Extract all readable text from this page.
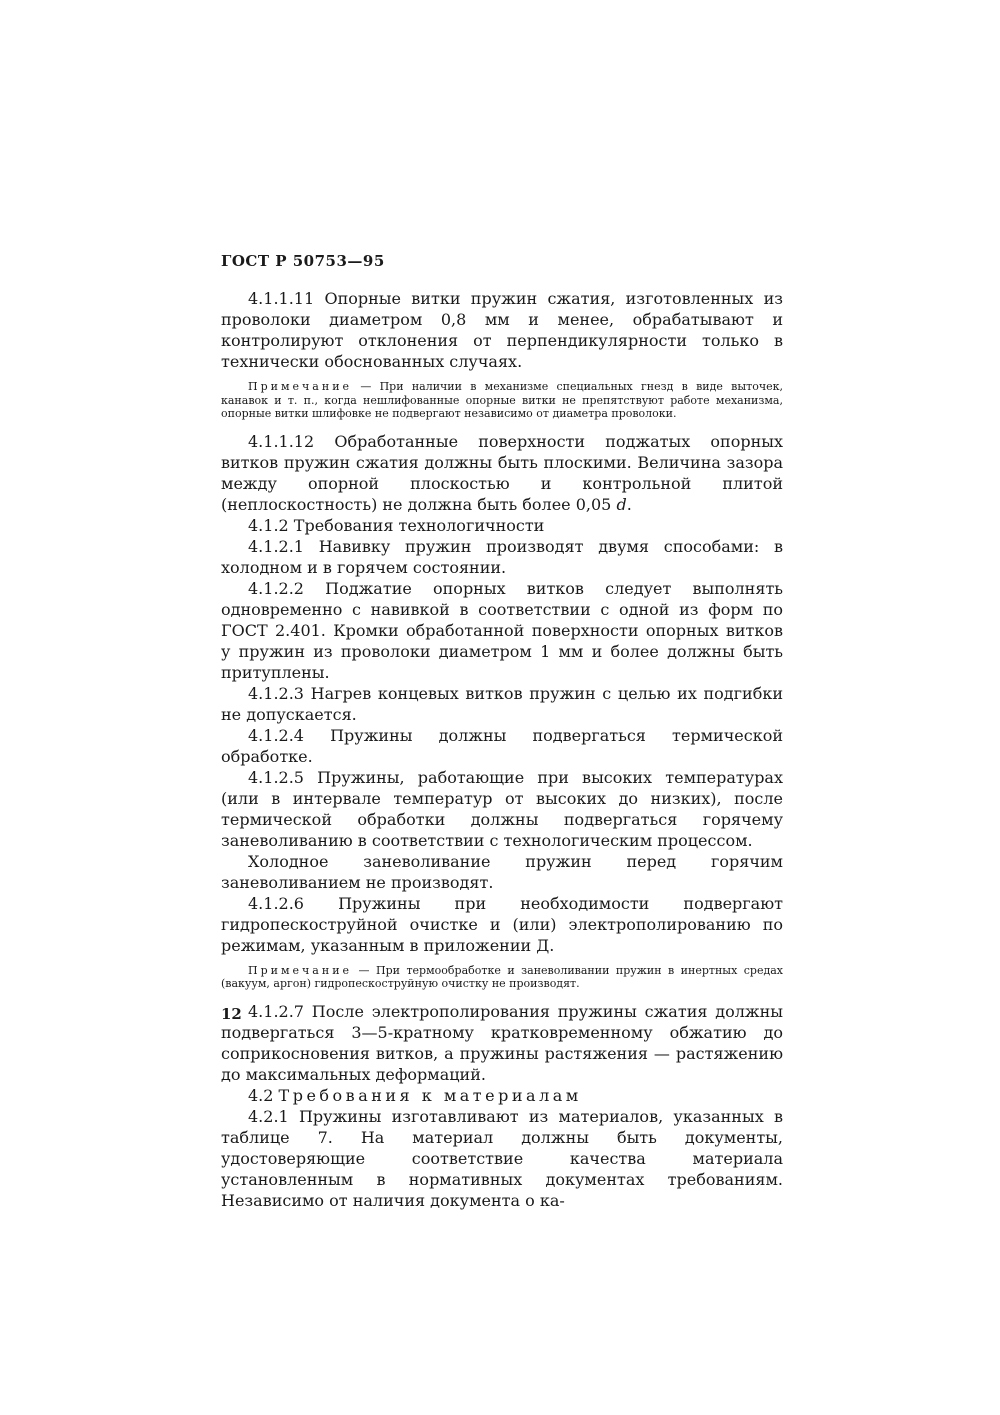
ГОСТ Р 50753—95

4.1.1.11 Опорные витки пружин сжатия, изготовленных из проволоки диаметром 0,8 мм и менее, обрабатывают и контролируют отклонения от перпендикулярности только в технически обоснованных случаях.

Примечание — При наличии в механизме специальных гнезд в виде выточек, канавок и т. п., когда нешлифованные опорные витки не препятствуют работе механизма, опорные витки шлифовке не подвергают независимо от диаметра проволоки.

4.1.1.12 Обработанные поверхности поджатых опорных витков пружин сжатия должны быть плоскими. Величина зазора между опорной плоскостью и контрольной плитой (неплоскостность) не должна быть более 0,05 d.

4.1.2 Требования технологичности

4.1.2.1 Навивку пружин производят двумя способами: в холодном и в горячем состоянии.

4.1.2.2 Поджатие опорных витков следует выполнять одновременно с навивкой в соответствии с одной из форм по ГОСТ 2.401. Кромки обработанной поверхности опорных витков у пружин из проволоки диаметром 1 мм и более должны быть притуплены.

4.1.2.3 Нагрев концевых витков пружин с целью их подгибки не допускается.

4.1.2.4 Пружины должны подвергаться термической обработке.

4.1.2.5 Пружины, работающие при высоких температурах (или в интервале температур от высоких до низких), после термической обработки должны подвергаться горячему заневоливанию в соответствии с технологическим процессом.

Холодное заневоливание пружин перед горячим заневоливанием не производят.

4.1.2.6 Пружины при необходимости подвергают гидропескоструйной очистке и (или) электрополированию по режимам, указанным в приложении Д.

Примечание — При термообработке и заневоливании пружин в инертных средах (вакуум, аргон) гидропескоструйную очистку не производят.

4.1.2.7 После электрополирования пружины сжатия должны подвергаться 3—5-кратному кратковременному обжатию до соприкосновения витков, а пружины растяжения — растяжению до максимальных деформаций.

4.2 Требования к материалам

4.2.1 Пружины изготавливают из материалов, указанных в таблице 7. На материал должны быть документы, удостоверяющие соответствие качества материала установленным в нормативных документах требованиям. Независимо от наличия документа о ка-

12
